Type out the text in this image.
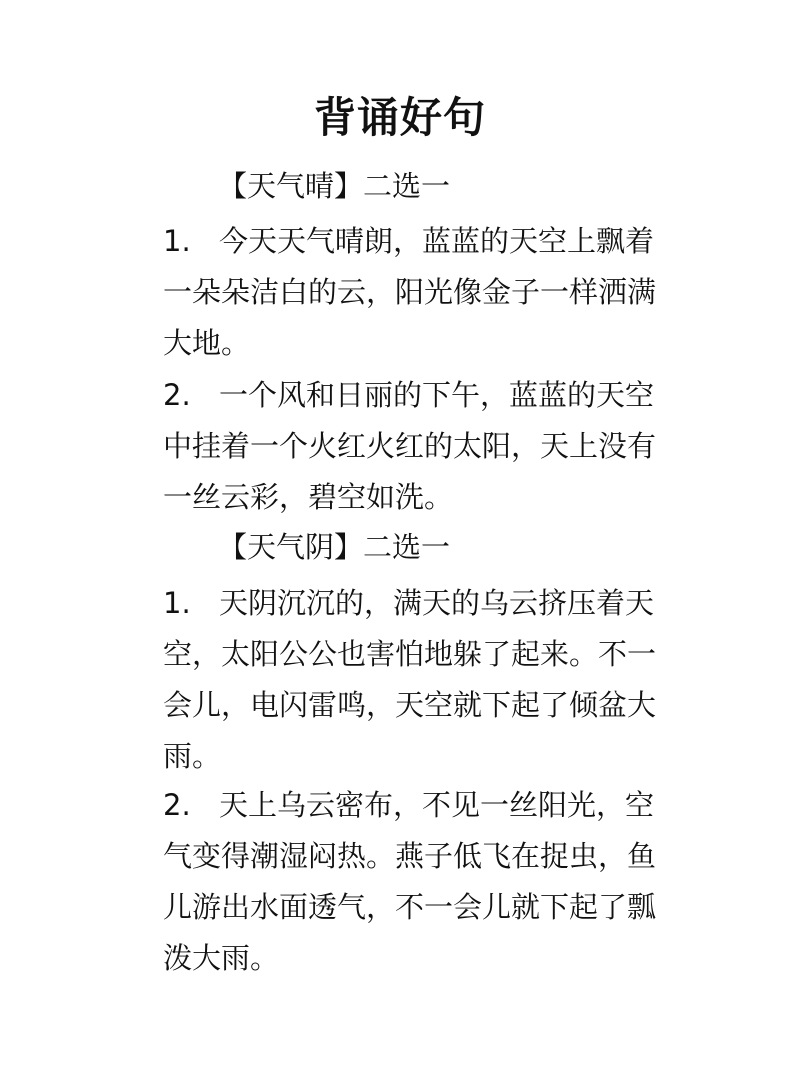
背诵好句
【天气晴】二选一
1. 今天天气晴朗，蓝蓝的天空上飘着
一朵朵洁白的云，阳光像金子一样洒满
大地。
2. 一个风和日丽的下午，蓝蓝的天空
中挂着一个火红火红的太阳，天上没有
一丝云彩，碧空如洗。
【天气阴】二选一
1. 天阴沉沉的，满天的乌云挤压着天
空，太阳公公也害怕地躲了起来。不一
会儿，电闪雷鸣，天空就下起了倾盆大
雨。
2. 天上乌云密布，不见一丝阳光，空
气变得潮湿闷热。燕子低飞在捉虫，鱼
儿游出水面透气，不一会儿就下起了瓢
泼大雨。
